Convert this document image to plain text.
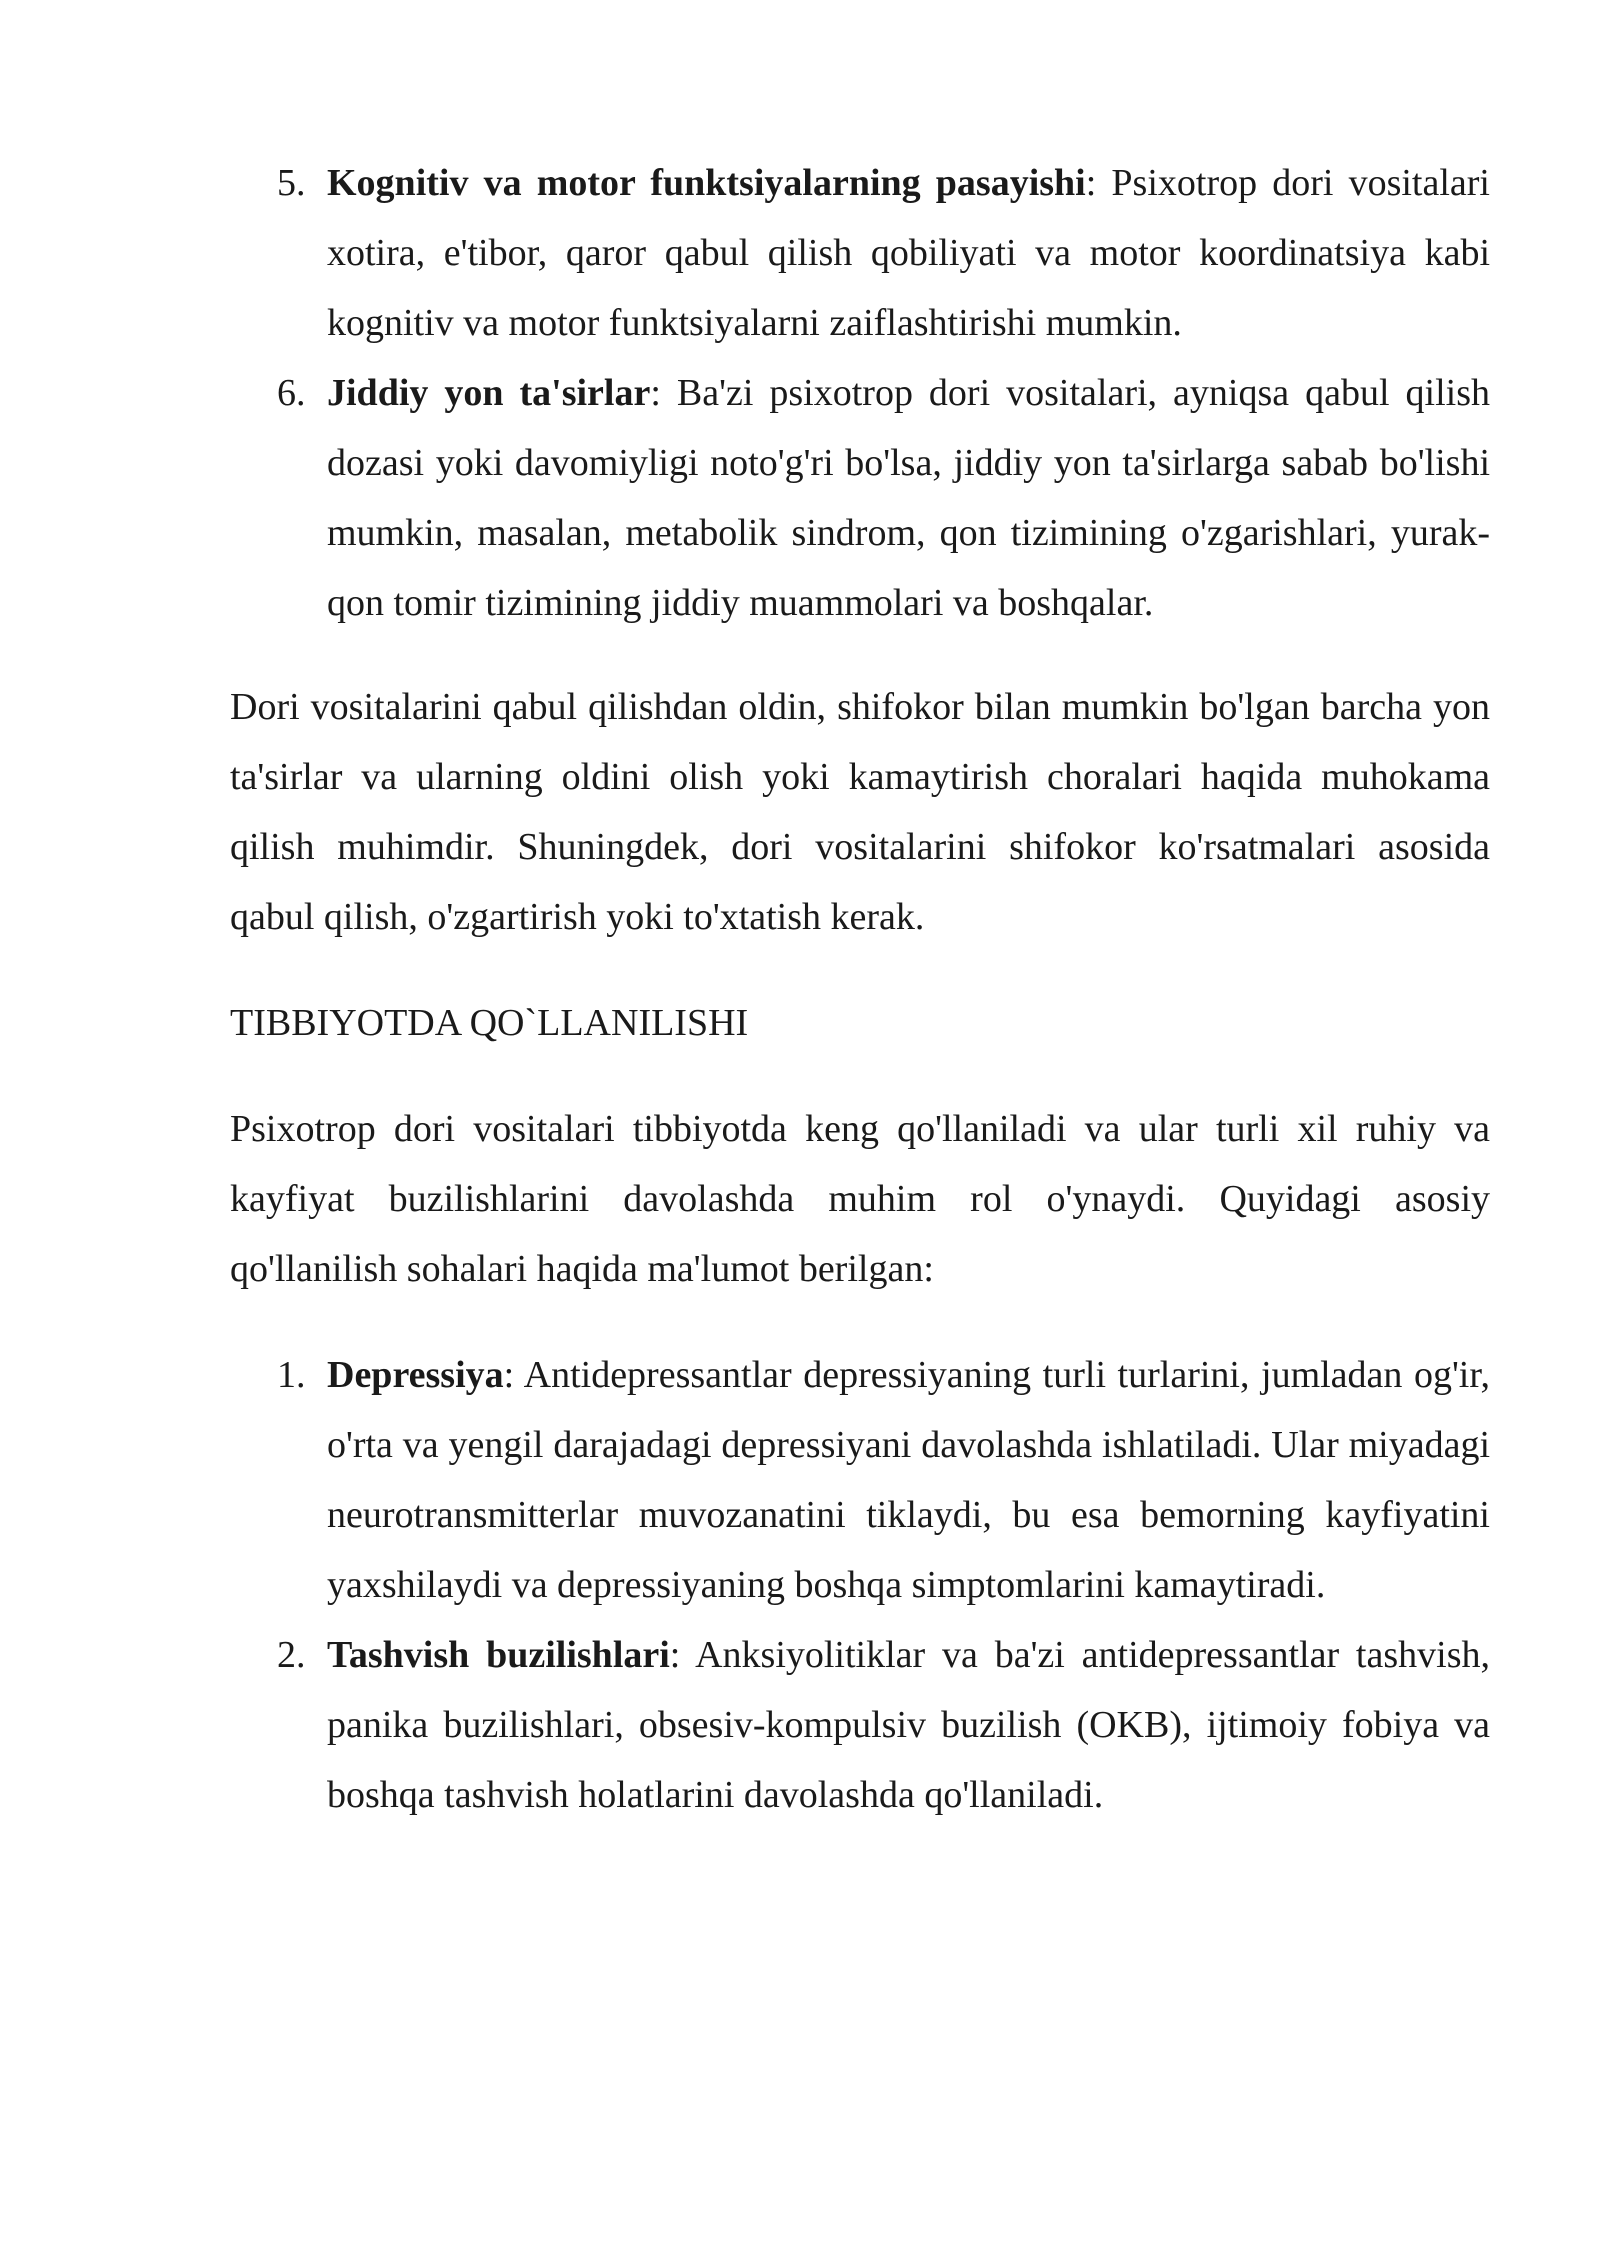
5. Kognitiv va motor funktsiyalarning pasayishi: Psixotrop dori vositalari xotira, e'tibor, qaror qabul qilish qobiliyati va motor koordinatsiya kabi kognitiv va motor funktsiyalarni zaiflashtirishi mumkin.
6. Jiddiy yon ta'sirlar: Ba'zi psixotrop dori vositalari, ayniqsa qabul qilish dozasi yoki davomiyligi noto'g'ri bo'lsa, jiddiy yon ta'sirlarga sabab bo'lishi mumkin, masalan, metabolik sindrom, qon tizimining o'zgarishlari, yurak-qon tomir tizimining jiddiy muammolari va boshqalar.

Dori vositalarini qabul qilishdan oldin, shifokor bilan mumkin bo'lgan barcha yon ta'sirlar va ularning oldini olish yoki kamaytirish choralari haqida muhokama qilish muhimdir. Shuningdek, dori vositalarini shifokor ko'rsatmalari asosida qabul qilish, o'zgartirish yoki to'xtatish kerak.

TIBBIYOTDA QO`LLANILISHI

Psixotrop dori vositalari tibbiyotda keng qo'llaniladi va ular turli xil ruhiy va kayfiyat buzilishlarini davolashda muhim rol o'ynaydi. Quyidagi asosiy qo'llanilish sohalari haqida ma'lumot berilgan:

1. Depressiya: Antidepressantlar depressiyaning turli turlarini, jumladan og'ir, o'rta va yengil darajadagi depressiyani davolashda ishlatiladi. Ular miyadagi neurotransmitterlar muvozanatini tiklaydi, bu esa bemorning kayfiyatini yaxshilaydi va depressiyaning boshqa simptomlarini kamaytiradi.
2. Tashvish buzilishlari: Anksiyolitiklar va ba'zi antidepressantlar tashvish, panika buzilishlari, obsesiv-kompulsiv buzilish (OKB), ijtimoiy fobiya va boshqa tashvish holatlarini davolashda qo'llaniladi.
